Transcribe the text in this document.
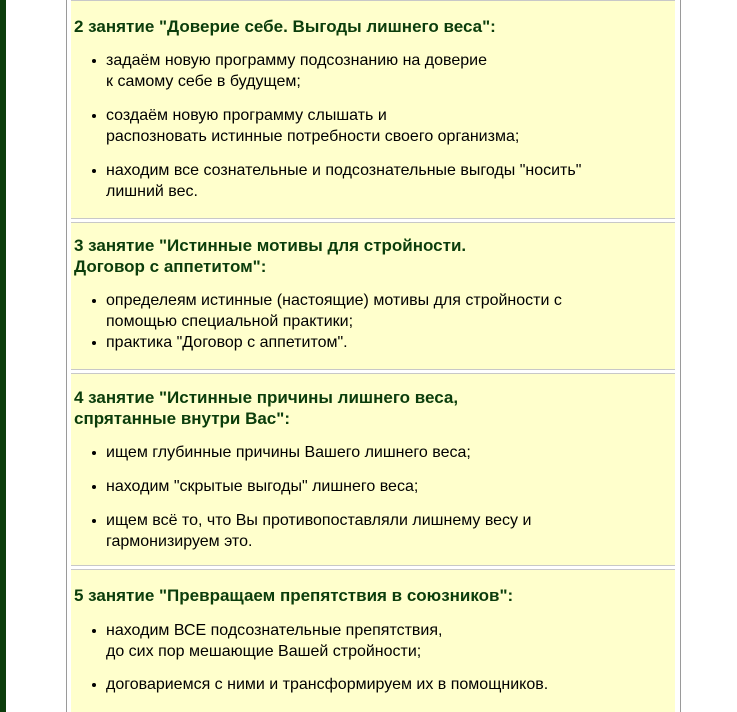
2 занятие "Доверие себе. Выгоды лишнего веса":
задаём новую программу подсознанию на доверие
к самому себе в будущем;
создаём новую программу слышать и
распозновать истинные потребности своего организма;
находим все сознательные и подсознательные выгоды "носить"
лишний вес.
3 занятие "Истинные мотивы для стройности.
Договор с аппетитом":
определеям истинные (настоящие) мотивы для стройности с
помощью специальной практики;
практика "Договор с аппетитом".
4 занятие "Истинные причины лишнего веса,
спрятанные внутри Вас":
ищем глубинные причины Вашего лишнего веса;
находим "скрытые выгоды" лишнего веса;
ищем всё то, что Вы противопоставляли лишнему весу и
гармонизируем это.
5 занятие "Превращаем препятствия в союзников":
находим ВСЕ подсознательные препятствия,
до сих пор мешающие Вашей стройности;
договариемся с ними и трансформируем их в помощников.
